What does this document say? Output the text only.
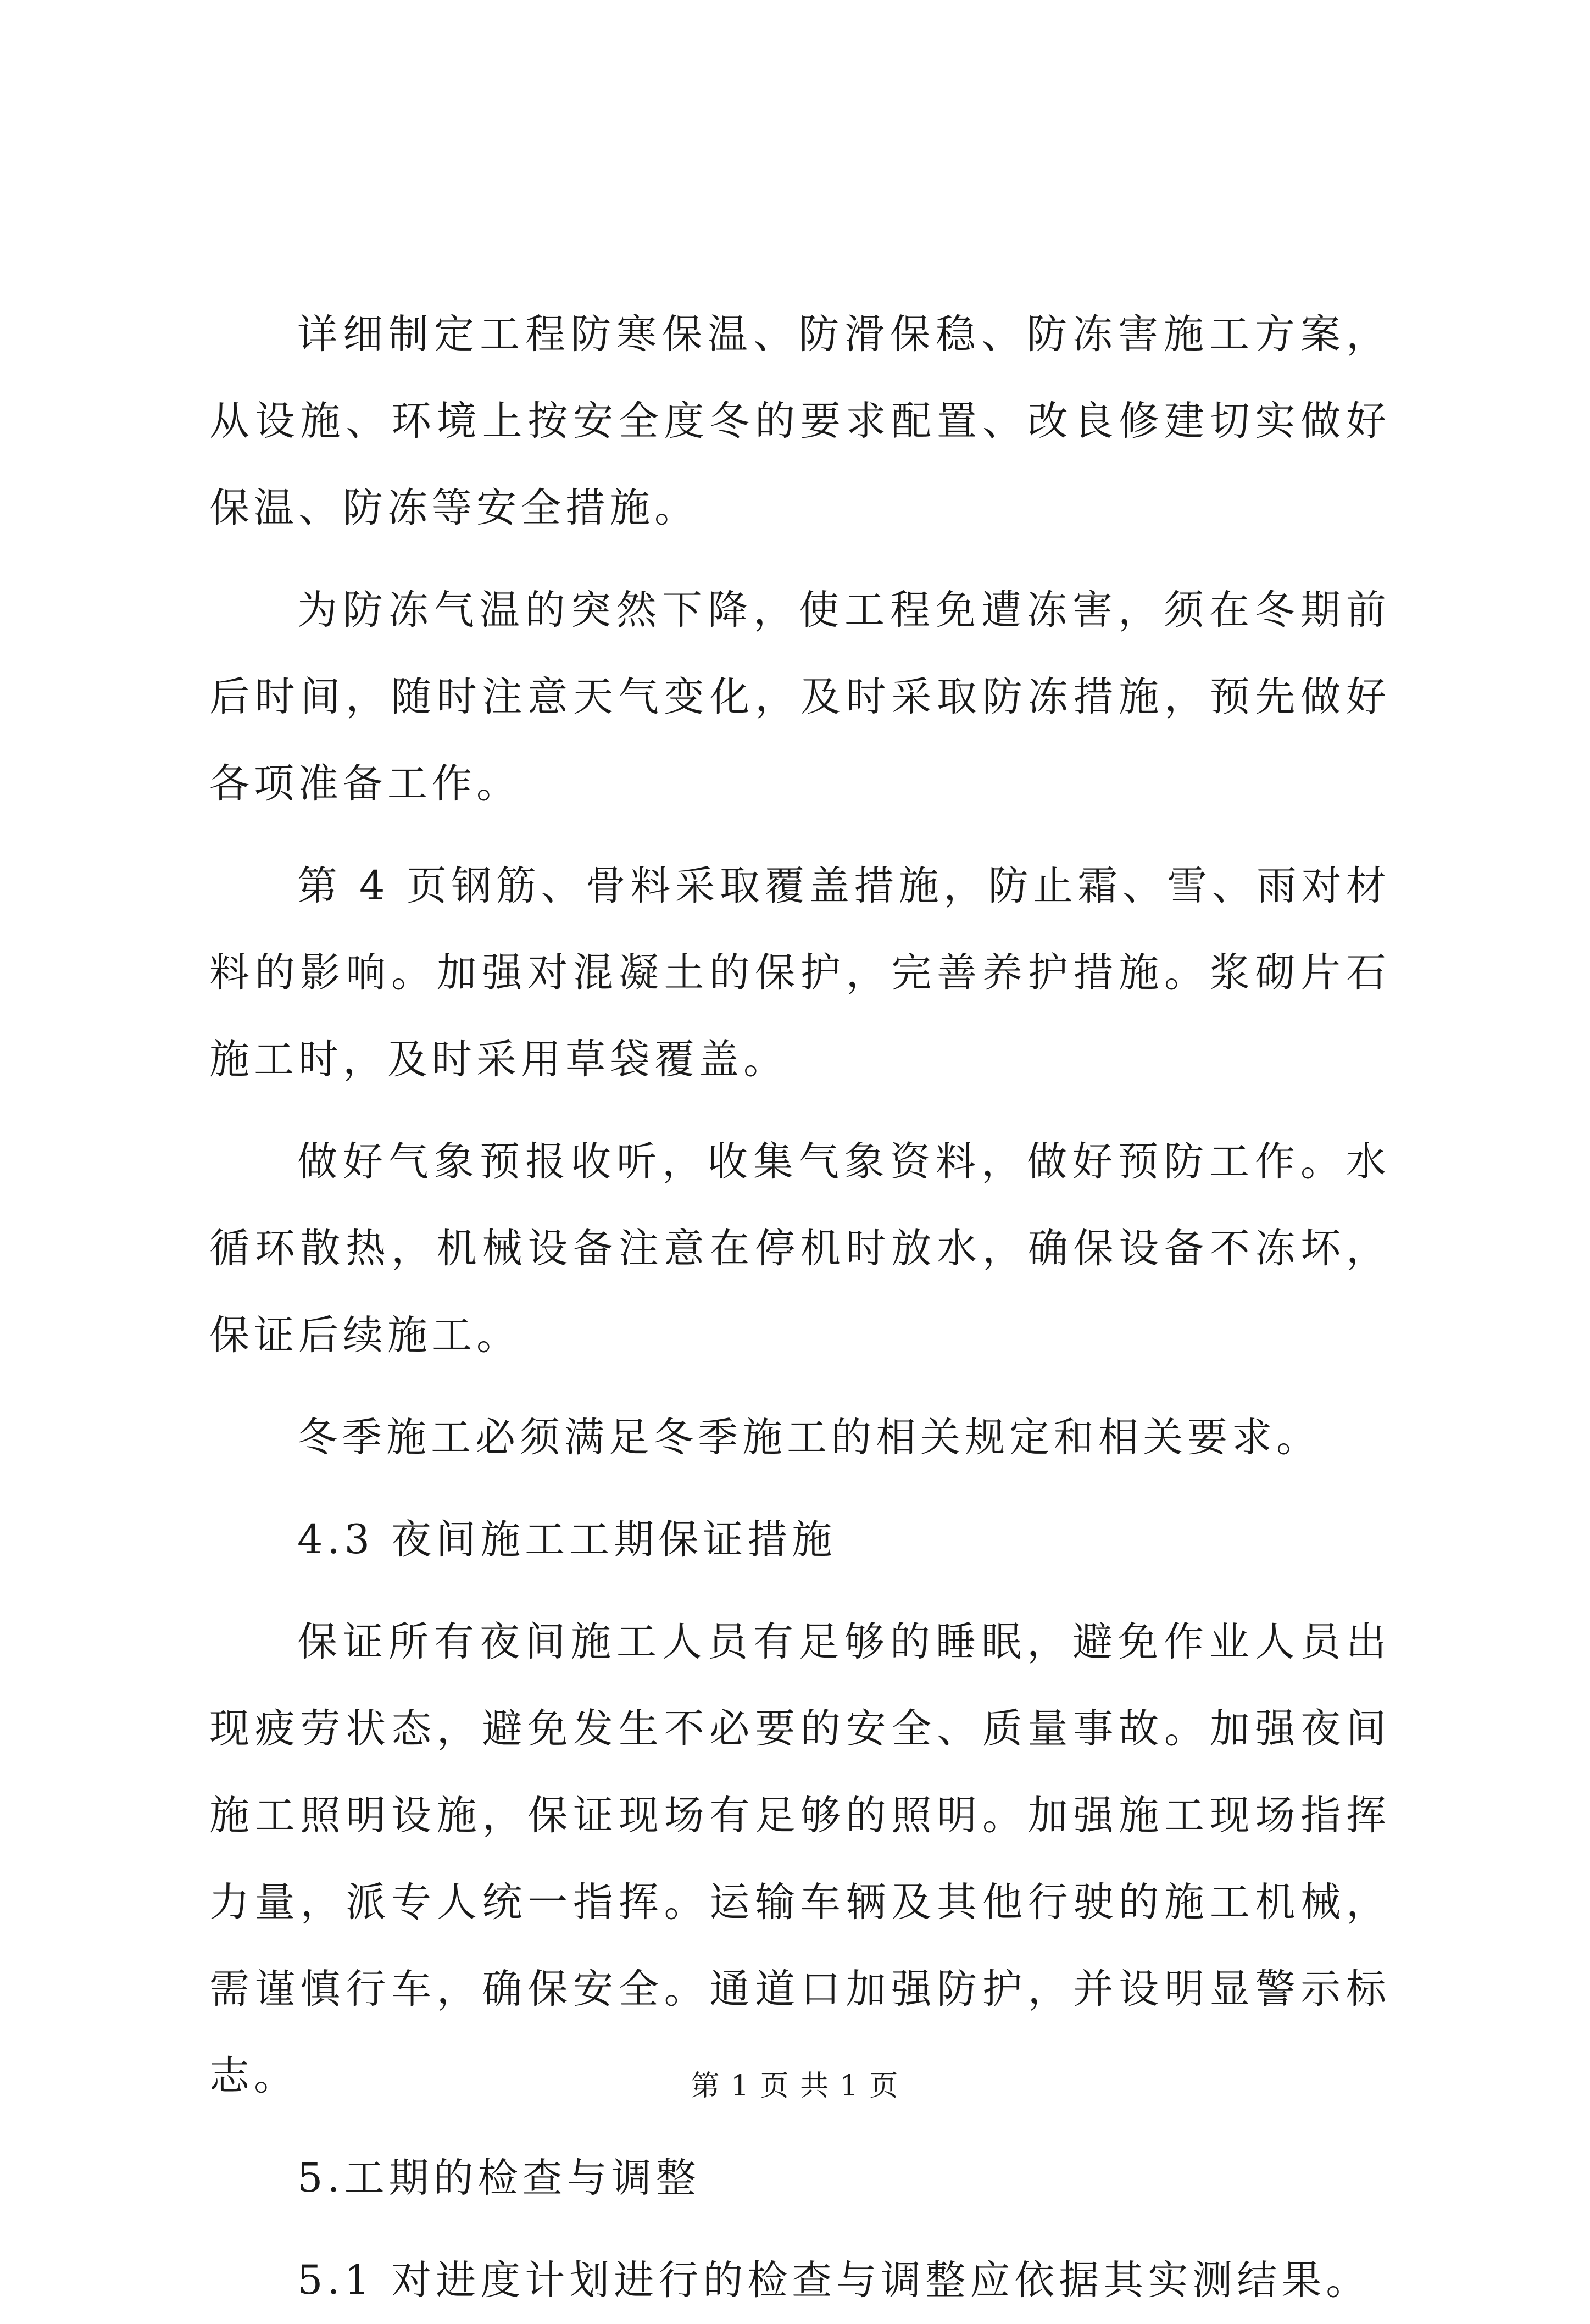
详细制定工程防寒保温、防滑保稳、防冻害施工方案，从设施、环境上按安全度冬的要求配置、改良修建切实做好保温、防冻等安全措施。

为防冻气温的突然下降，使工程免遭冻害，须在冬期前后时间，随时注意天气变化，及时采取防冻措施，预先做好各项准备工作。

第 4 页钢筋、骨料采取覆盖措施，防止霜、雪、雨对材料的影响。加强对混凝土的保护，完善养护措施。浆砌片石施工时，及时采用草袋覆盖。

做好气象预报收听，收集气象资料，做好预防工作。水循环散热，机械设备注意在停机时放水，确保设备不冻坏，保证后续施工。

冬季施工必须满足冬季施工的相关规定和相关要求。

4.3 夜间施工工期保证措施

保证所有夜间施工人员有足够的睡眠，避免作业人员出现疲劳状态，避免发生不必要的安全、质量事故。加强夜间施工照明设施，保证现场有足够的照明。加强施工现场指挥力量，派专人统一指挥。运输车辆及其他行驶的施工机械，需谨慎行车，确保安全。通道口加强防护，并设明显警示标志。

5.工期的检查与调整

5.1 对进度计划进行的检查与调整应依据其实测结果。

第 1 页 共 1 页
